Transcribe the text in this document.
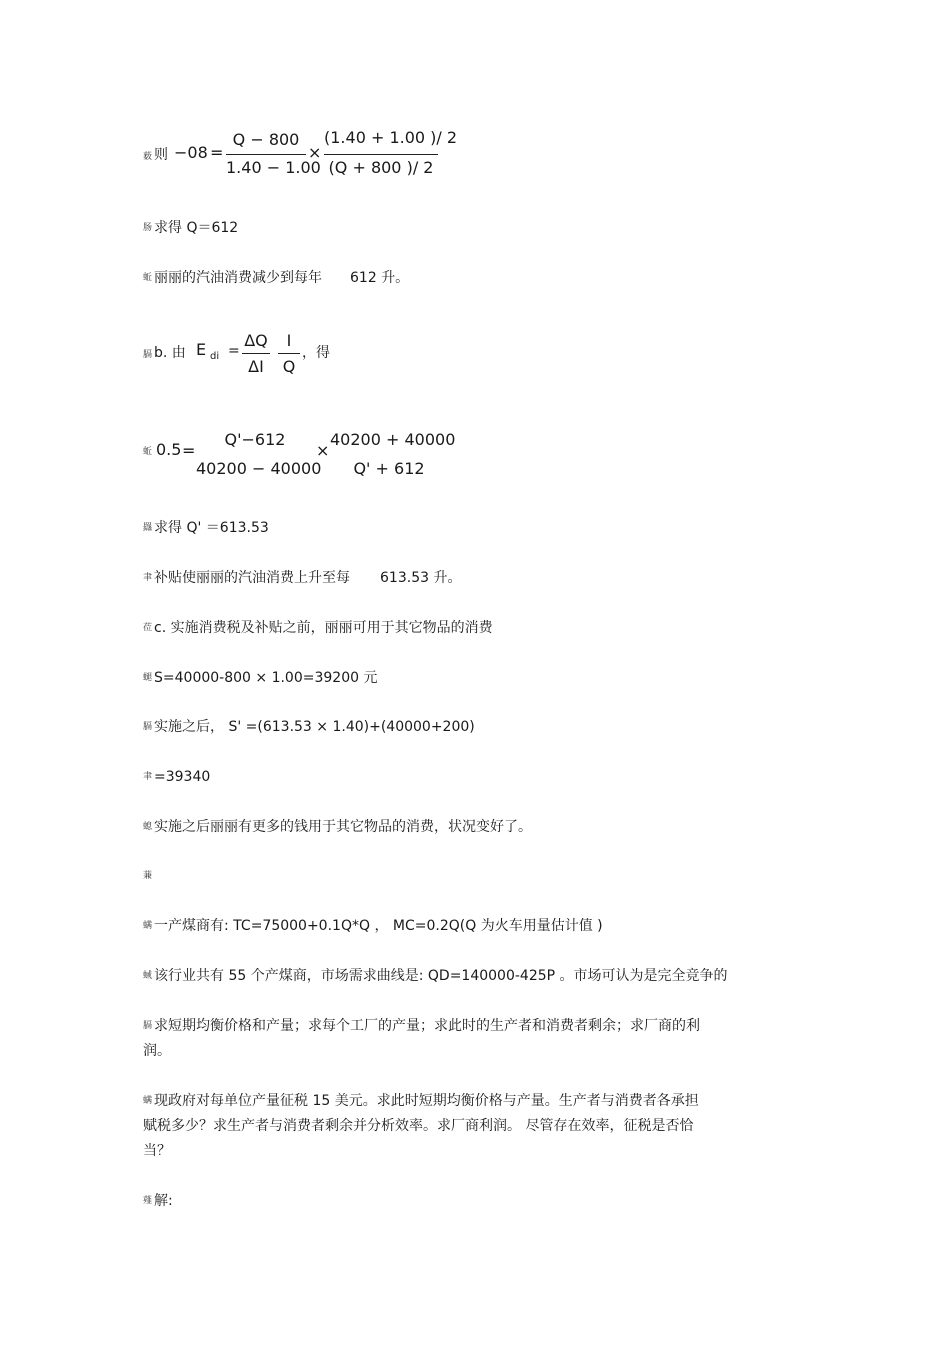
薮 则 −08 =
Q − 800
1.40 − 1.00
×
(1.40 + 1.00 )/ 2
(Q + 800 )/ 2
肠 求得 Q＝612
蚯 丽丽的汽油消费减少到每年 612 升。
膈 b. 由 E di =
ΔQ
ΔI
I
Q
，得
蚯 0.5 =
Q'−612
40200 − 40000
×
40200 + 40000
Q' + 612
羉 求得 Q' ＝613.53
聿 补贴使丽丽的汽油消费上升至每 613.53 升。
莅 c. 实施消费税及补贴之前，丽丽可用于其它物品的消费
螁 S=40000-800 × 1.00=39200 元
膈 实施之后， S' =(613.53 × 1.40)+(40000+200)
聿 =39340
螅 实施之后丽丽有更多的钱用于其它物品的消费，状况变好了。
蒹
螨 一产煤商有: TC=75000+0.1Q*Q ， MC=0.2Q(Q 为火车用量估计值 )
蜮 该行业共有 55 个产煤商，市场需求曲线是: QD=140000-425P 。市场可认为是完全竞争的
膈 求短期均衡价格和产量；求每个工厂的产量；求此时的生产者和消费者剩余；求厂商的利
润。
螨 现政府对每单位产量征税 15 美元。求此时短期均衡价格与产量。生产者与消费者各承担
赋税多少？求生产者与消费者剩余并分析效率。求厂商利润。 尽管存在效率，征税是否恰
当？
薤 解:
